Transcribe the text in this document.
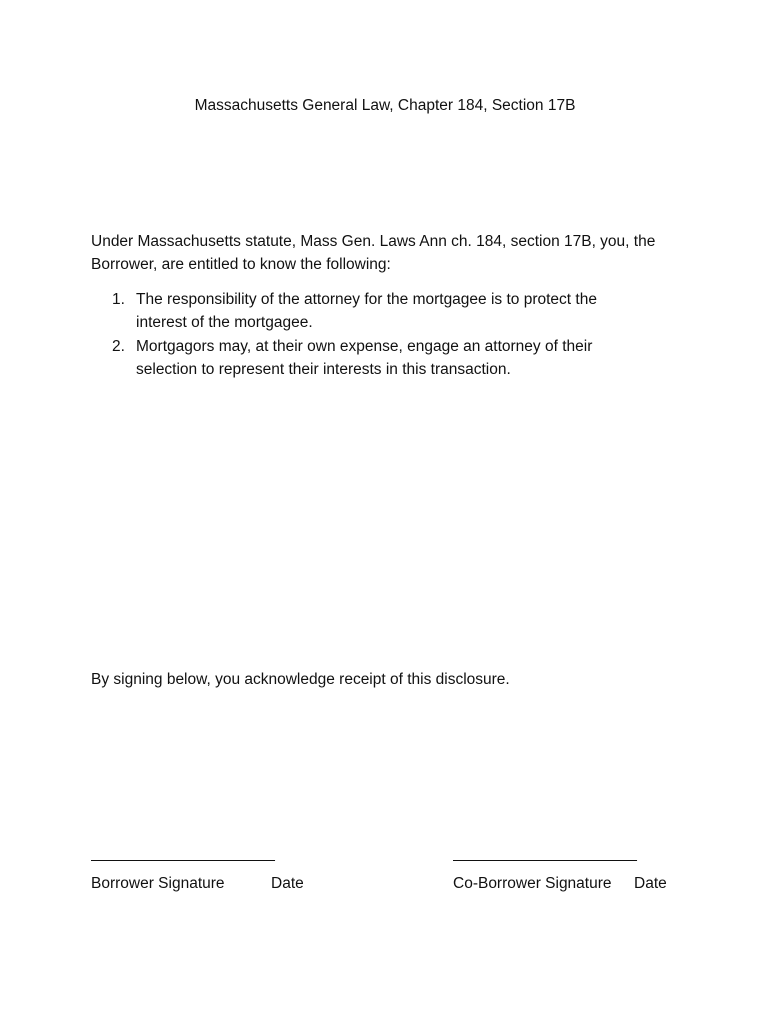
Massachusetts General Law, Chapter 184, Section 17B

Under Massachusetts statute, Mass Gen. Laws Ann ch. 184, section 17B, you, the Borrower, are entitled to know the following:

1. The responsibility of the attorney for the mortgagee is to protect the interest of the mortgagee.
2. Mortgagors may, at their own expense, engage an attorney of their selection to represent their interests in this transaction.
By signing below, you acknowledge receipt of this disclosure.
________________________	________________________
Borrower Signature	Date	Co-Borrower Signature Date
